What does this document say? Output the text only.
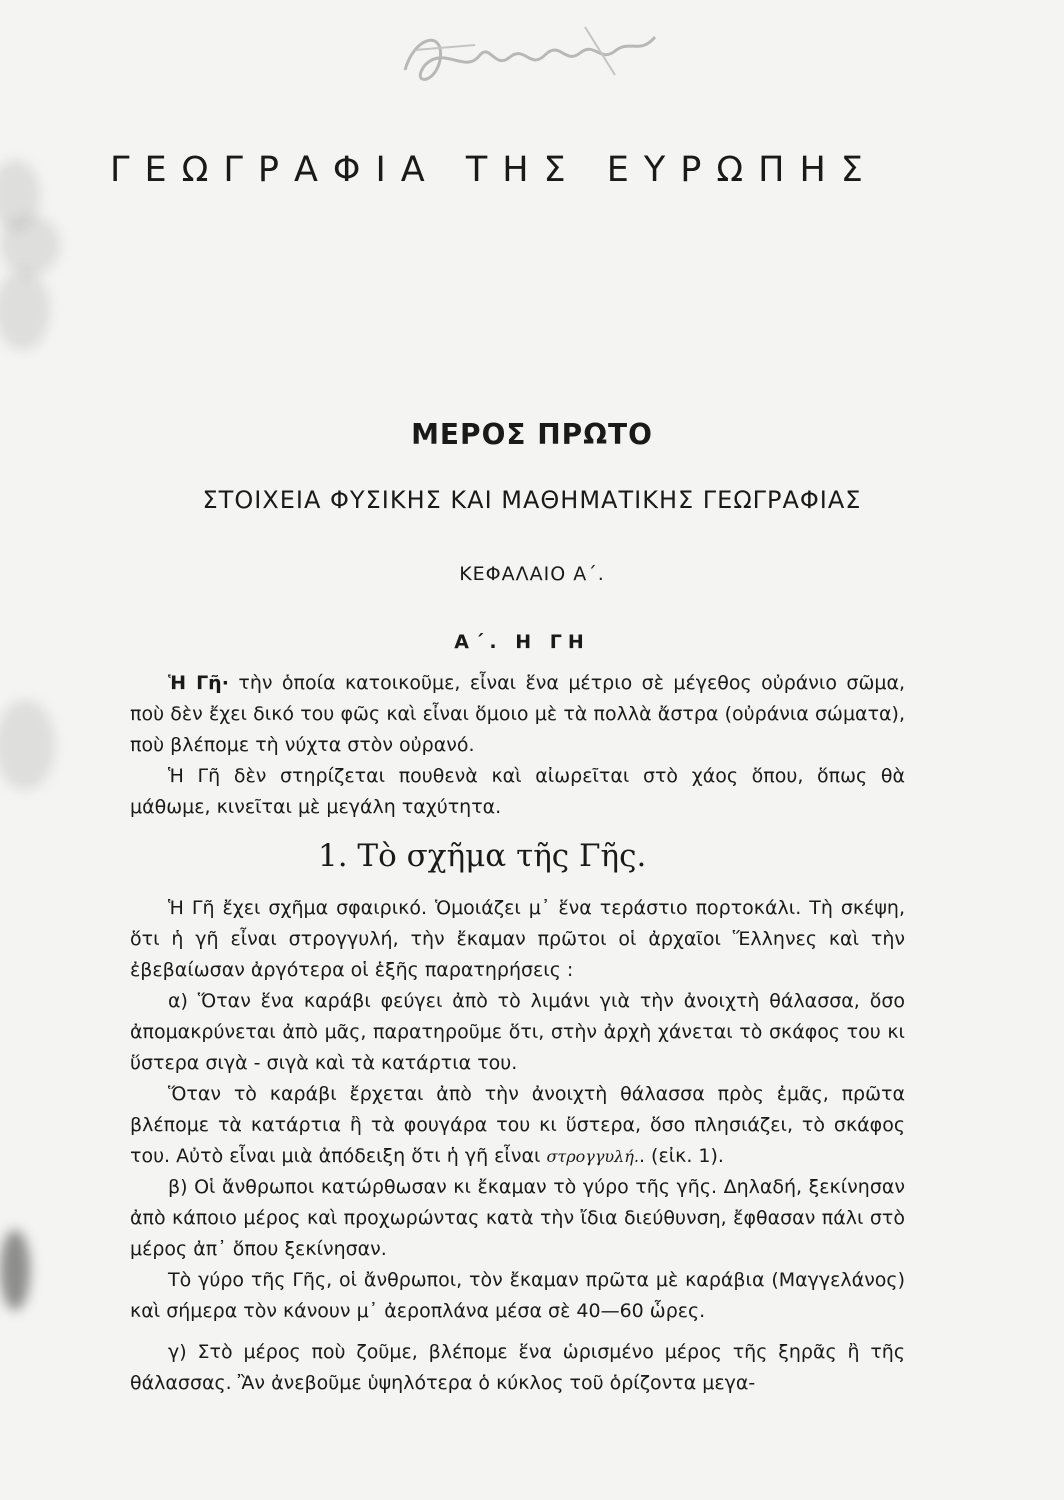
ΓΕΩΓΡΑΦΙΑ ΤΗΣ ΕΥΡΩΠΗΣ
ΜΕΡΟΣ ΠΡΩΤΟ
ΣΤΟΙΧΕΙΑ ΦΥΣΙΚΗΣ ΚΑΙ ΜΑΘΗΜΑΤΙΚΗΣ ΓΕΩΓΡΑΦΙΑΣ
ΚΕΦΑΛΑΙΟ Α΄.
Α΄. Η ΓΗ

Ἡ Γῆ· τὴν ὁποία κατοικοῦμε, εἶναι ἕνα μέτριο σὲ μέγεθος οὐράνιο σῶμα, ποὺ δὲν ἔχει δικό του φῶς καὶ εἶναι ὅμοιο μὲ τὰ πολλὰ ἄστρα (οὐράνια σώματα), ποὺ βλέπομε τὴ νύχτα στὸν οὐρανό.

Ἡ Γῆ δὲν στηρίζεται πουθενὰ καὶ αἰωρεῖται στὸ χάος ὅπου, ὅπως θὰ μάθωμε, κινεῖται μὲ μεγάλη ταχύτητα.

1. Τὸ σχῆμα τῆς Γῆς.

Ἡ Γῆ ἔχει σχῆμα σφαιρικό. Ὁμοιάζει μ᾽ ἕνα τεράστιο πορτοκάλι. Τὴ σκέψη, ὅτι ἡ γῆ εἶναι στρογγυλή, τὴν ἔκαμαν πρῶτοι οἱ ἀρχαῖοι Ἕλληνες καὶ τὴν ἐβεβαίωσαν ἀργότερα οἱ ἑξῆς παρατηρήσεις :

α) Ὅταν ἕνα καράβι φεύγει ἀπὸ τὸ λιμάνι γιὰ τὴν ἀνοιχτὴ θάλασσα, ὅσο ἀπομακρύνεται ἀπὸ μᾶς, παρατηροῦμε ὅτι, στὴν ἀρχὴ χάνεται τὸ σκάφος του κι ὕστερα σιγὰ - σιγὰ καὶ τὰ κατάρτια του.

Ὅταν τὸ καράβι ἔρχεται ἀπὸ τὴν ἀνοιχτὴ θάλασσα πρὸς ἐμᾶς, πρῶτα βλέπομε τὰ κατάρτια ἢ τὰ φουγάρα του κι ὕστερα, ὅσο πλησιάζει, τὸ σκάφος του. Αὐτὸ εἶναι μιὰ ἀπόδειξη ὅτι ἡ γῆ εἶναι στρογγυλή.. (εἰκ. 1).

β) Οἱ ἄνθρωποι κατώρθωσαν κι ἔκαμαν τὸ γύρο τῆς γῆς. Δηλαδή, ξεκίνησαν ἀπὸ κάποιο μέρος καὶ προχωρώντας κατὰ τὴν ἴδια διεύθυνση, ἔφθασαν πάλι στὸ μέρος ἀπ᾽ ὅπου ξεκίνησαν.

Τὸ γύρο τῆς Γῆς, οἱ ἄνθρωποι, τὸν ἔκαμαν πρῶτα μὲ καράβια (Μαγγελάνος) καὶ σήμερα τὸν κάνουν μ᾽ ἀεροπλάνα μέσα σὲ 40—60 ὧρες.

γ) Στὸ μέρος ποὺ ζοῦμε, βλέπομε ἕνα ὡρισμένο μέρος τῆς ξηρᾶς ἢ τῆς θάλασσας. Ἂν ἀνεβοῦμε ὑψηλότερα ὁ κύκλος τοῦ ὁρίζοντα μεγα-
